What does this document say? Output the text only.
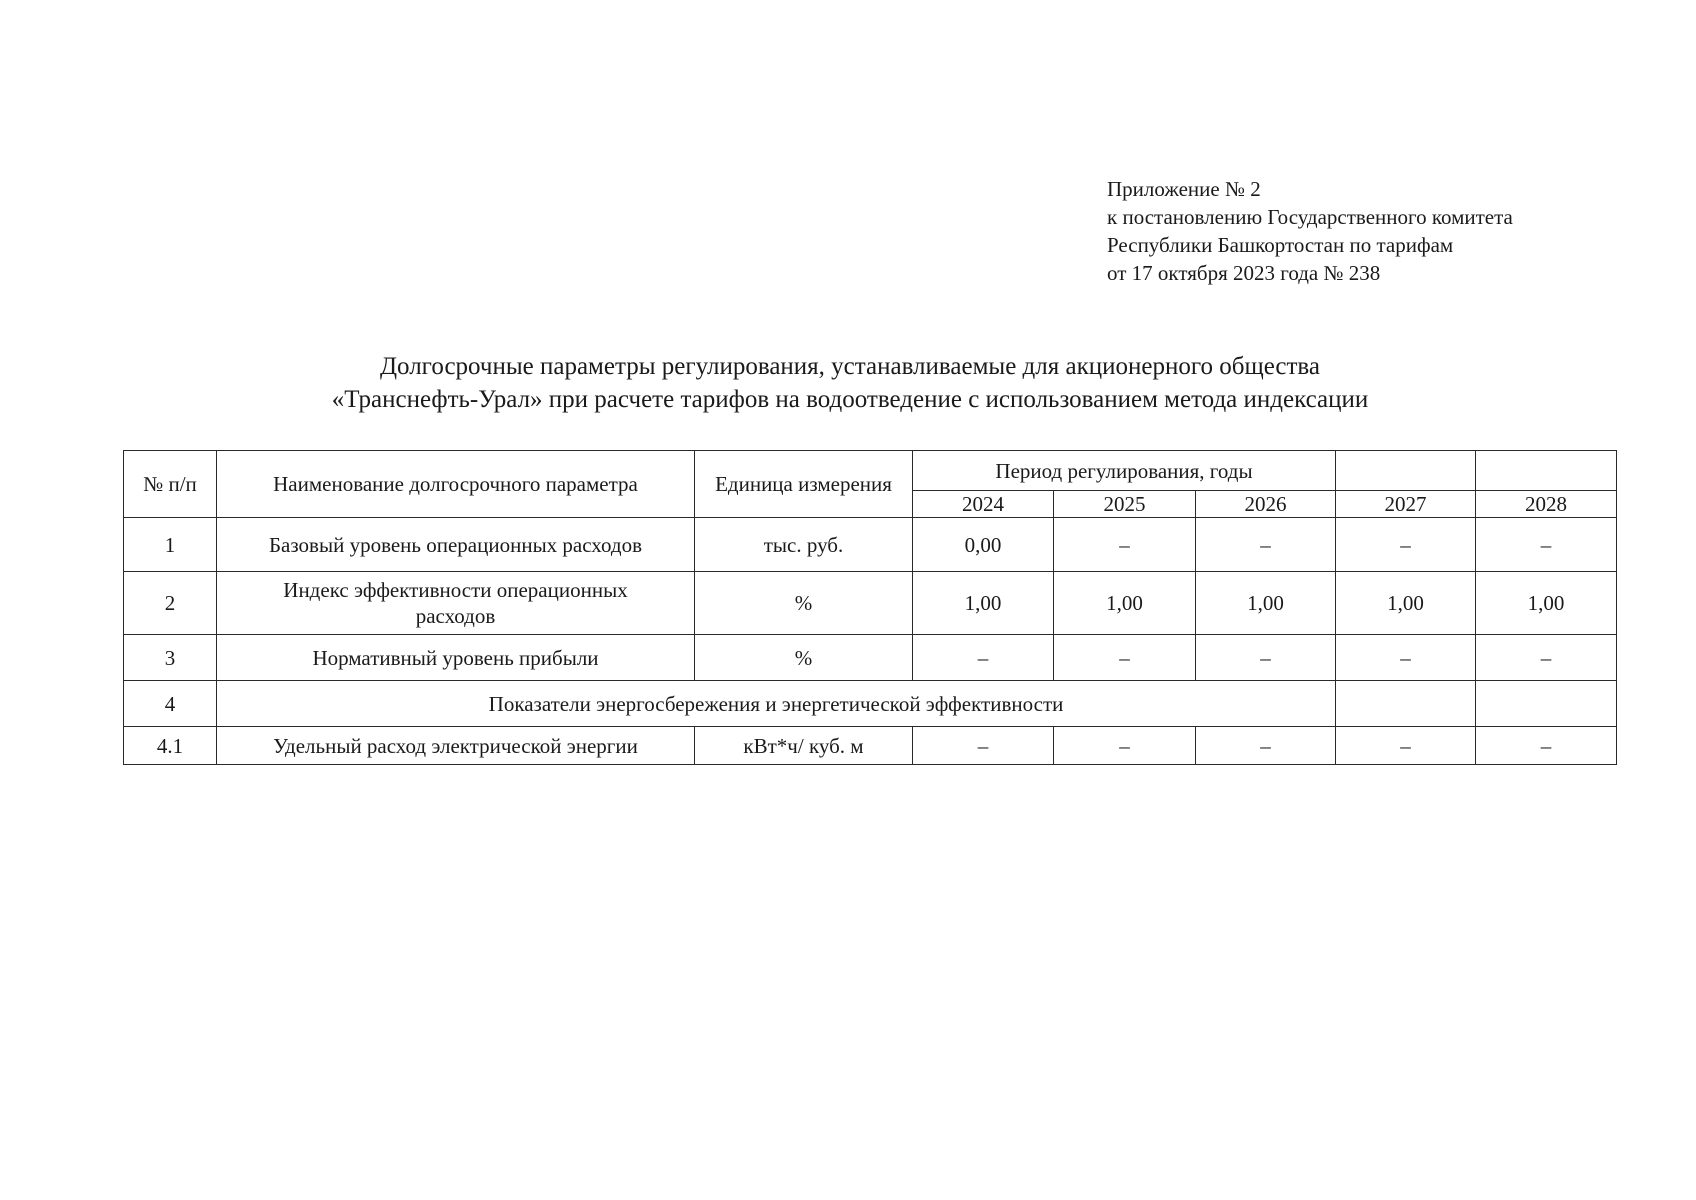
Приложение № 2
к постановлению Государственного комитета
Республики Башкортостан по тарифам
от 17 октября 2023 года № 238
Долгосрочные параметры регулирования, устанавливаемые для акционерного общества
«Транснефть-Урал» при расчете тарифов на водоотведение с использованием метода индексации
№ п/п	Наименование долгосрочного параметра	Единица измерения	Период регулирования, годы				
			2024	2025	2026	2027	2028
1	Базовый уровень операционных расходов	тыс. руб.	0,00	–	–	–	–
2	Индекс эффективности операционных расходов	%	1,00	1,00	1,00	1,00	1,00
3	Нормативный уровень прибыли	%	–	–	–	–	–
4	Показатели энергосбережения и энергетической эффективности						
4.1	Удельный расход электрической энергии	кВт*ч/ куб. м	–	–	–	–	–
